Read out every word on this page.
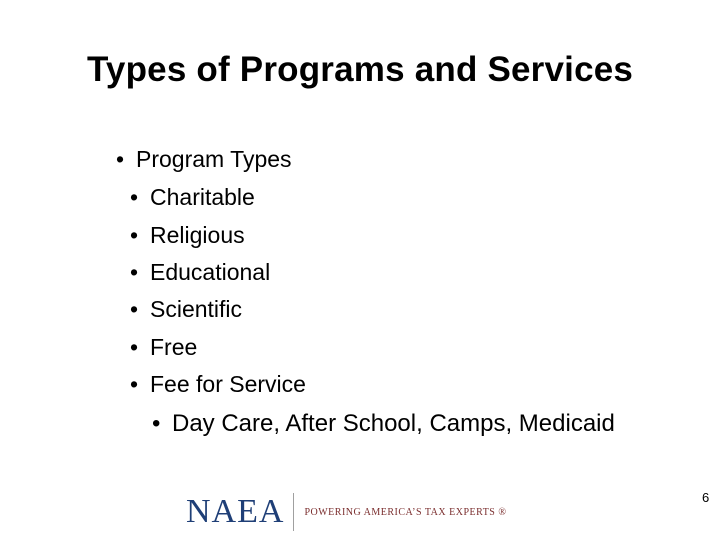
Types of Programs and Services
• Program Types
• Charitable
• Religious
• Educational
• Scientific
• Free
• Fee for Service
• Day Care, After School, Camps, Medicaid
NAEA POWERING AMERICA’S TAX EXPERTS ®
6
